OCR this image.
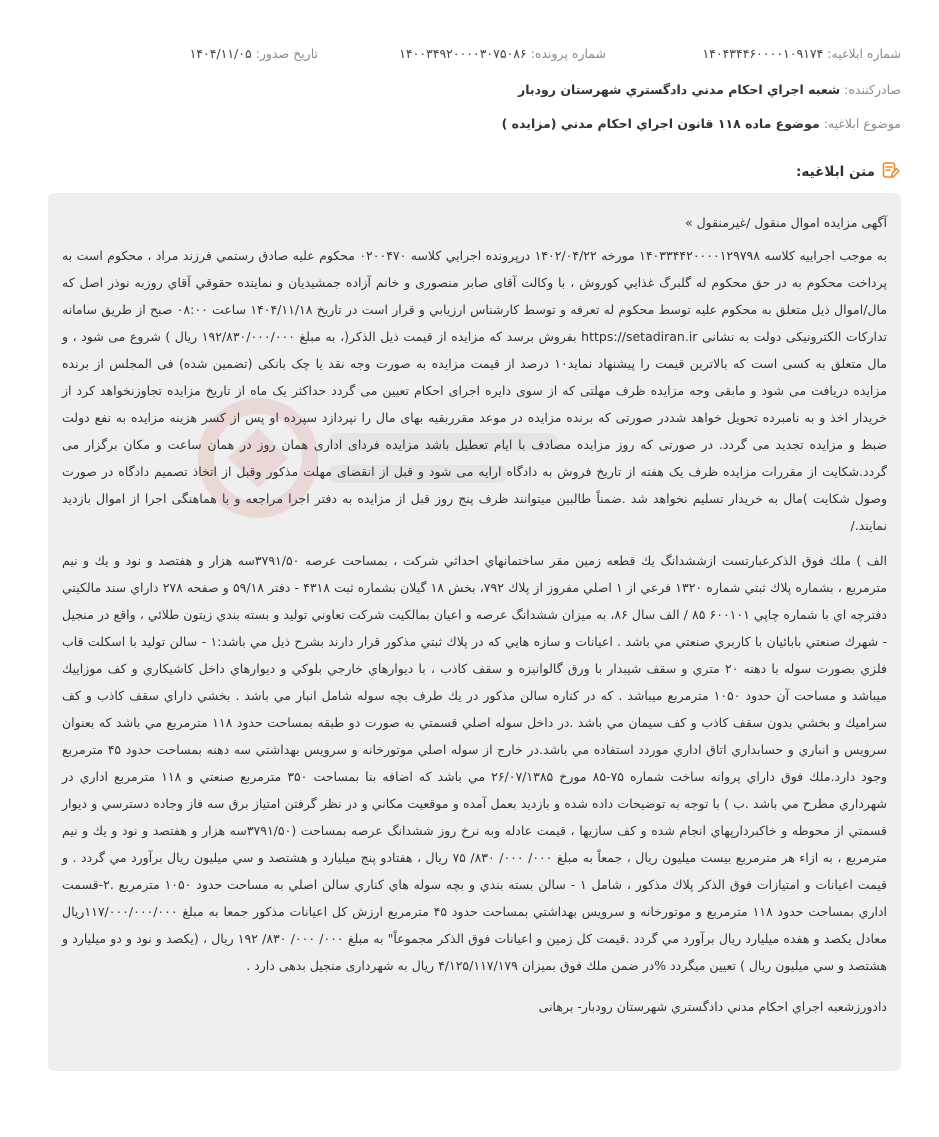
شماره ابلاغيه: ۱۴۰۴۳۴۴۶۰۰۰۰۱۰۹۱۷۴
شماره پرونده: ۱۴۰۰۳۴۹۲۰۰۰۰۳۰۷۵۰۸۶
تاريخ صدور: ۱۴۰۴/۱۱/۰۵
صادرکننده: شعبه اجراي احکام مدني دادگستري شهرستان رودبار
موضوع ابلاغيه: موضوع ماده ۱۱۸ قانون اجراي احکام مدني (مزايده )
متن ابلاغيه:

آگهی مزایده اموال منقول /غیرمنقول »

به موجب اجراییه کلاسه ۱۴۰۳۳۴۴۲۰۰۰۰۱۲۹۷۹۸ مورخه ۱۴۰۲/۰۴/۲۲ درپرونده اجرايي کلاسه ۰۲۰۰۴۷۰ محکوم علیه صادق رستمي فرزند مراد ، محکوم است به پرداخت محکوم به در حق محکوم له گلبرگ غذايي کوروش ، با وکالت آقای صابر منصوری و خانم آزاده جمشیدیان و نماينده حقوقي آقاي روزبه نوذر اصل که مال/اموال ذيل متعلق به محکوم علیه توسط محکوم له تعرفه و توسط کارشناس ارزيابي و قرار است در تاريخ ۱۴۰۴/۱۱/۱۸ ساعت ۰۸:۰۰ صبح از طريق سامانه تدارکات الکترونيکی دولت به نشانی https://setadiran.ir بفروش برسد که مزايده از قيمت ذيل الذکر(، به مبلغ ۱۹۲/۸۳۰/۰۰۰/۰۰۰ ريال ) شروع می شود ، و مال متعلق به کسی است که بالاترين قيمت را پيشنهاد نمايد۱۰ درصد از قيمت مزايده به صورت وجه نقد يا چک بانکی (تضمين شده) فی المجلس از برنده مزايده دريافت می شود و مابقی وجه مزايده ظرف مهلتی که از سوی دايره اجرای احکام تعيين می گردد حداکثر يک ماه از تاريخ مزايده تجاوزنخواهد کرد از خريدار اخذ و به نامبرده تحويل خواهد شددر صورتی که برنده مزايده در موعد مقرربقيه بهای مال را نپردازد سپرده او پس از کسر هزينه مزايده به نفع دولت ضبط و مزايده تجديد می گردد. در صورتی که روز مزايده مصادف با ايام تعطيل باشد مزايده فردای اداری همان روز در همان ساعت و مکان برگزار می گردد.شکايت از مقررات مزايده ظرف يک هفته از تاريخ فروش به دادگاه ارايه می شود و قبل از انقضای مهلت مذکور وقبل از اتخاذ تصميم دادگاه در صورت وصول شکايت )مال به خريدار تسليم نخواهد شد .ضمناً طالبين ميتوانند ظرف پنج روز قبل از مزايده به دفتر اجرا مراجعه و با هماهنگی اجرا از اموال بازديد نمايند./

الف ) ملك فوق الذكرعبارتست ازششدانگ يك قطعه زمين مقر ساختمانهاي احداثي شركت ، بمساحت عرصه ۳۷۹۱/۵۰سه هزار و هفتصد و نود و يك و نيم مترمربع ، بشماره پلاك ثبتي شماره ۱۳۲۰ فرعي از ۱ اصلي مفروز از پلاك ۷۹۲، بخش ۱۸ گيلان بشماره ثبت ۴۳۱۸ - دفتر ۵۹/۱۸ و صفحه ۲۷۸ داراي سند مالكيتي دفترچه اي با شماره چاپي ۶۰۰۱۰۱ ۸۵ / الف سال ۸۶، به ميزان ششدانگ عرصه و اعيان بمالكيت شركت تعاوني توليد و بسته بندي زيتون طلائي ، واقع در منجيل - شهرك صنعتي بابائيان با كاربري صنعتي مي باشد . اعيانات و سازه هايي كه در پلاك ثبتي مذكور قرار دارند بشرح ذيل مي باشد:۱ - سالن توليد با اسكلت قاب فلزي بصورت سوله با دهنه ۲۰ متري و سقف شيبدار با ورق گالوانيزه و سقف كاذب ، با ديوارهاي خارجي بلوكي و ديوارهاي داخل كاشيكاري و كف موزاييك ميباشد و مساحت آن حدود ۱۰۵۰ مترمربع ميباشد . كه در كناره سالن مذكور در يك طرف بچه سوله شامل انبار مي باشد . بخشي داراي سقف كاذب و كف سراميك و بخشي بدون سقف كاذب و كف سيمان مي باشد .در داخل سوله اصلي قسمتي به صورت دو طبقه بمساحت حدود ۱۱۸ مترمربع مي باشد كه بعنوان سرويس و انباري و حسابداري اتاق اداري موردد استفاده مي باشد.در خارج از سوله اصلي موتورخانه و سرويس بهداشتي سه دهنه بمساحت حدود ۴۵ مترمربع وجود دارد.ملك فوق داراي پروانه ساخت شماره ۷۵-۸۵ مورخ ۲۶/۰۷/۱۳۸۵ مي باشد كه اضافه بنا بمساحت ۳۵۰ مترمربع صنعتي و ۱۱۸ مترمربع اداري در شهرداري مطرح مي باشد .ب ) با توجه به توضيحات داده شده و بازديد بعمل آمده و موقعيت مكاني و در نظر گرفتن امتياز برق سه فاز وجاده دسترسي و ديوار قسمتي از محوطه و خاكبردارپهاي انجام شده و كف سازيها ، قيمت عادله وبه نرخ روز ششدانگ عرصه بمساحت (۳۷۹۱/۵۰سه هزار و هفتصد و نود و يك و نيم مترمربع ، به ازاء هر مترمربع بيست ميليون ريال ، جمعاً به مبلغ ۰۰۰/ ۰۰۰/ ۸۳۰/ ۷۵ ريال ، هفتادو پنج ميليارد و هشتصد و سي ميليون ريال برآورد مي گردد . و قيمت اعيانات و امتيازات فوق الذكر پلاك مذكور ، شامل ۱ - سالن بسته بندي و بچه سوله هاي كناري سالن اصلي به مساحت حدود ۱۰۵۰ مترمربع .۲-قسمت اداري بمساحت حدود ۱۱۸ مترمربع و موتورخانه و سرويس بهداشتي بمساحت حدود ۴۵ مترمربع ارزش كل اعيانات مذكور جمعا به مبلغ ۱۱۷/۰۰۰/۰۰۰/۰۰۰ريال معادل يكصد و هفده ميليارد ريال برآورد مي گردد .قيمت كل زمين و اعيانات فوق الذكر مجموعاً" به مبلغ ۰۰۰/ ۰۰۰/ ۸۳۰/ ۱۹۲ ريال ، (يكصد و نود و دو ميليارد و هشتصد و سي ميليون ريال ) تعيين ميگردد %در ضمن ملك فوق بميزان ۴/۱۲۵/۱۱۷/۱۷۹ ريال به شهرداری منجيل بدهی دارد .

دادورزشعبه اجراي احکام مدني دادگستري شهرستان رودبار- برهانی
